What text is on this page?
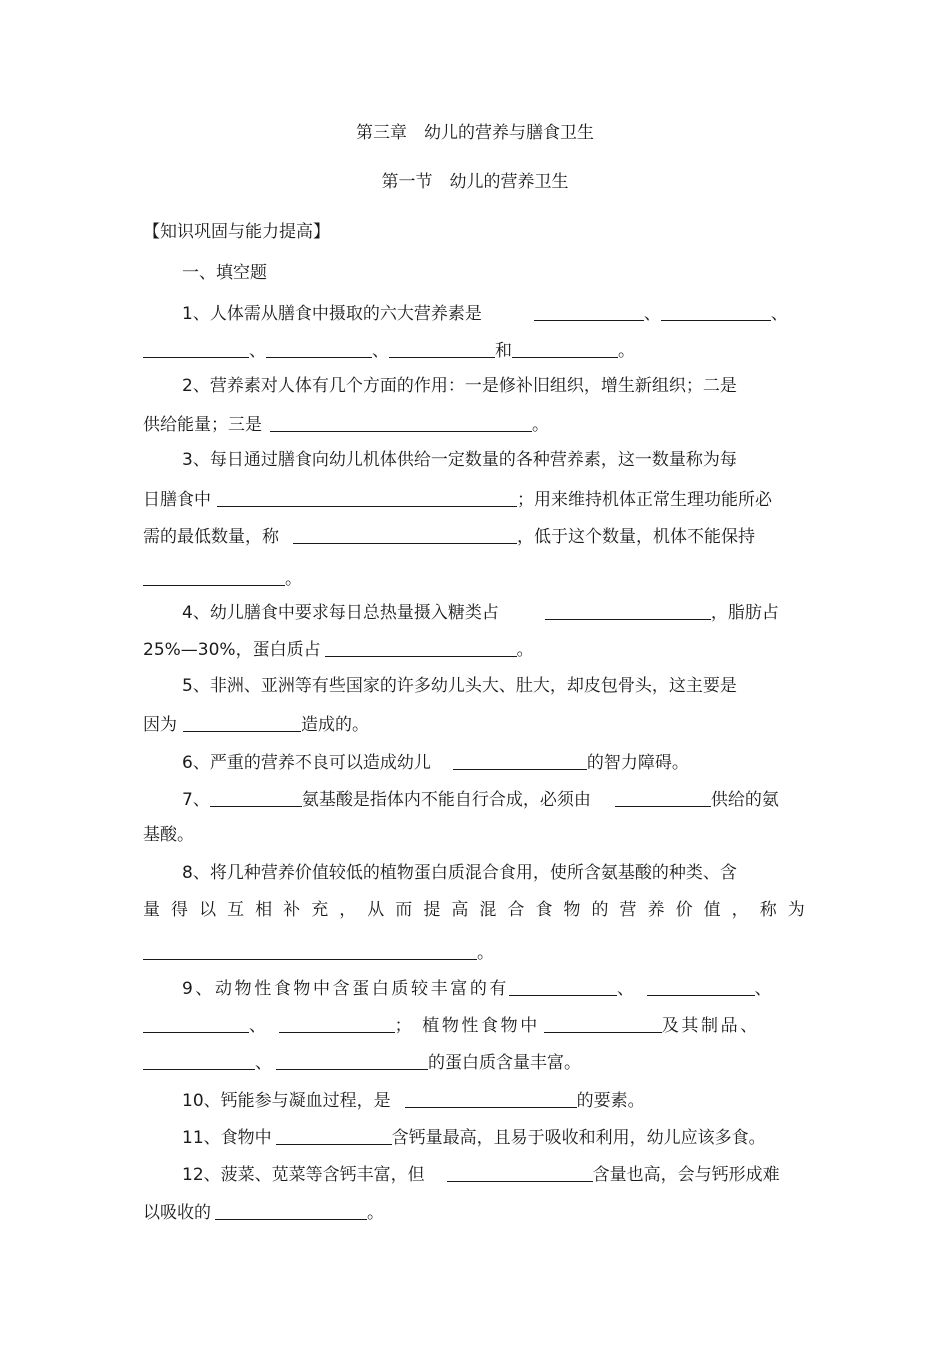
第三章　幼儿的营养与膳食卫生
第一节　幼儿的营养卫生
【知识巩固与能力提高】
一、填空题
1、人体需从膳食中摄取的六大营养素是	、	、
、	、	和	。
2、营养素对人体有几个方面的作用：一是修补旧组织，增生新组织；二是
供给能量；三是	。
3、每日通过膳食向幼儿机体供给一定数量的各种营养素，这一数量称为每
日膳食中	；用来维持机体正常生理功能所必
需的最低数量，称	，低于这个数量，机体不能保持
。
4、幼儿膳食中要求每日总热量摄入糖类占	，脂肪占
25%—30%，蛋白质占	。
5、非洲、亚洲等有些国家的许多幼儿头大、肚大，却皮包骨头，这主要是
因为	造成的。
6、严重的营养不良可以造成幼儿	的智力障碍。
7、	氨基酸是指体内不能自行合成，必须由	供给的氨
基酸。
8、将几种营养价值较低的植物蛋白质混合食用，使所含氨基酸的种类、含
量 得 以 互 相 补 充 ， 从 而 提 高 混 合 食 物 的 营 养 价 值 ， 称 为
。
9、动物性食物中含蛋白质较丰富的有	、	、
、	； 植物性食物中	及其制品、
、	的蛋白质含量丰富。
10、钙能参与凝血过程，是	的要素。
11、食物中	含钙量最高，且易于吸收和利用，幼儿应该多食。
12、菠菜、苋菜等含钙丰富，但	含量也高，会与钙形成难
以吸收的	。
